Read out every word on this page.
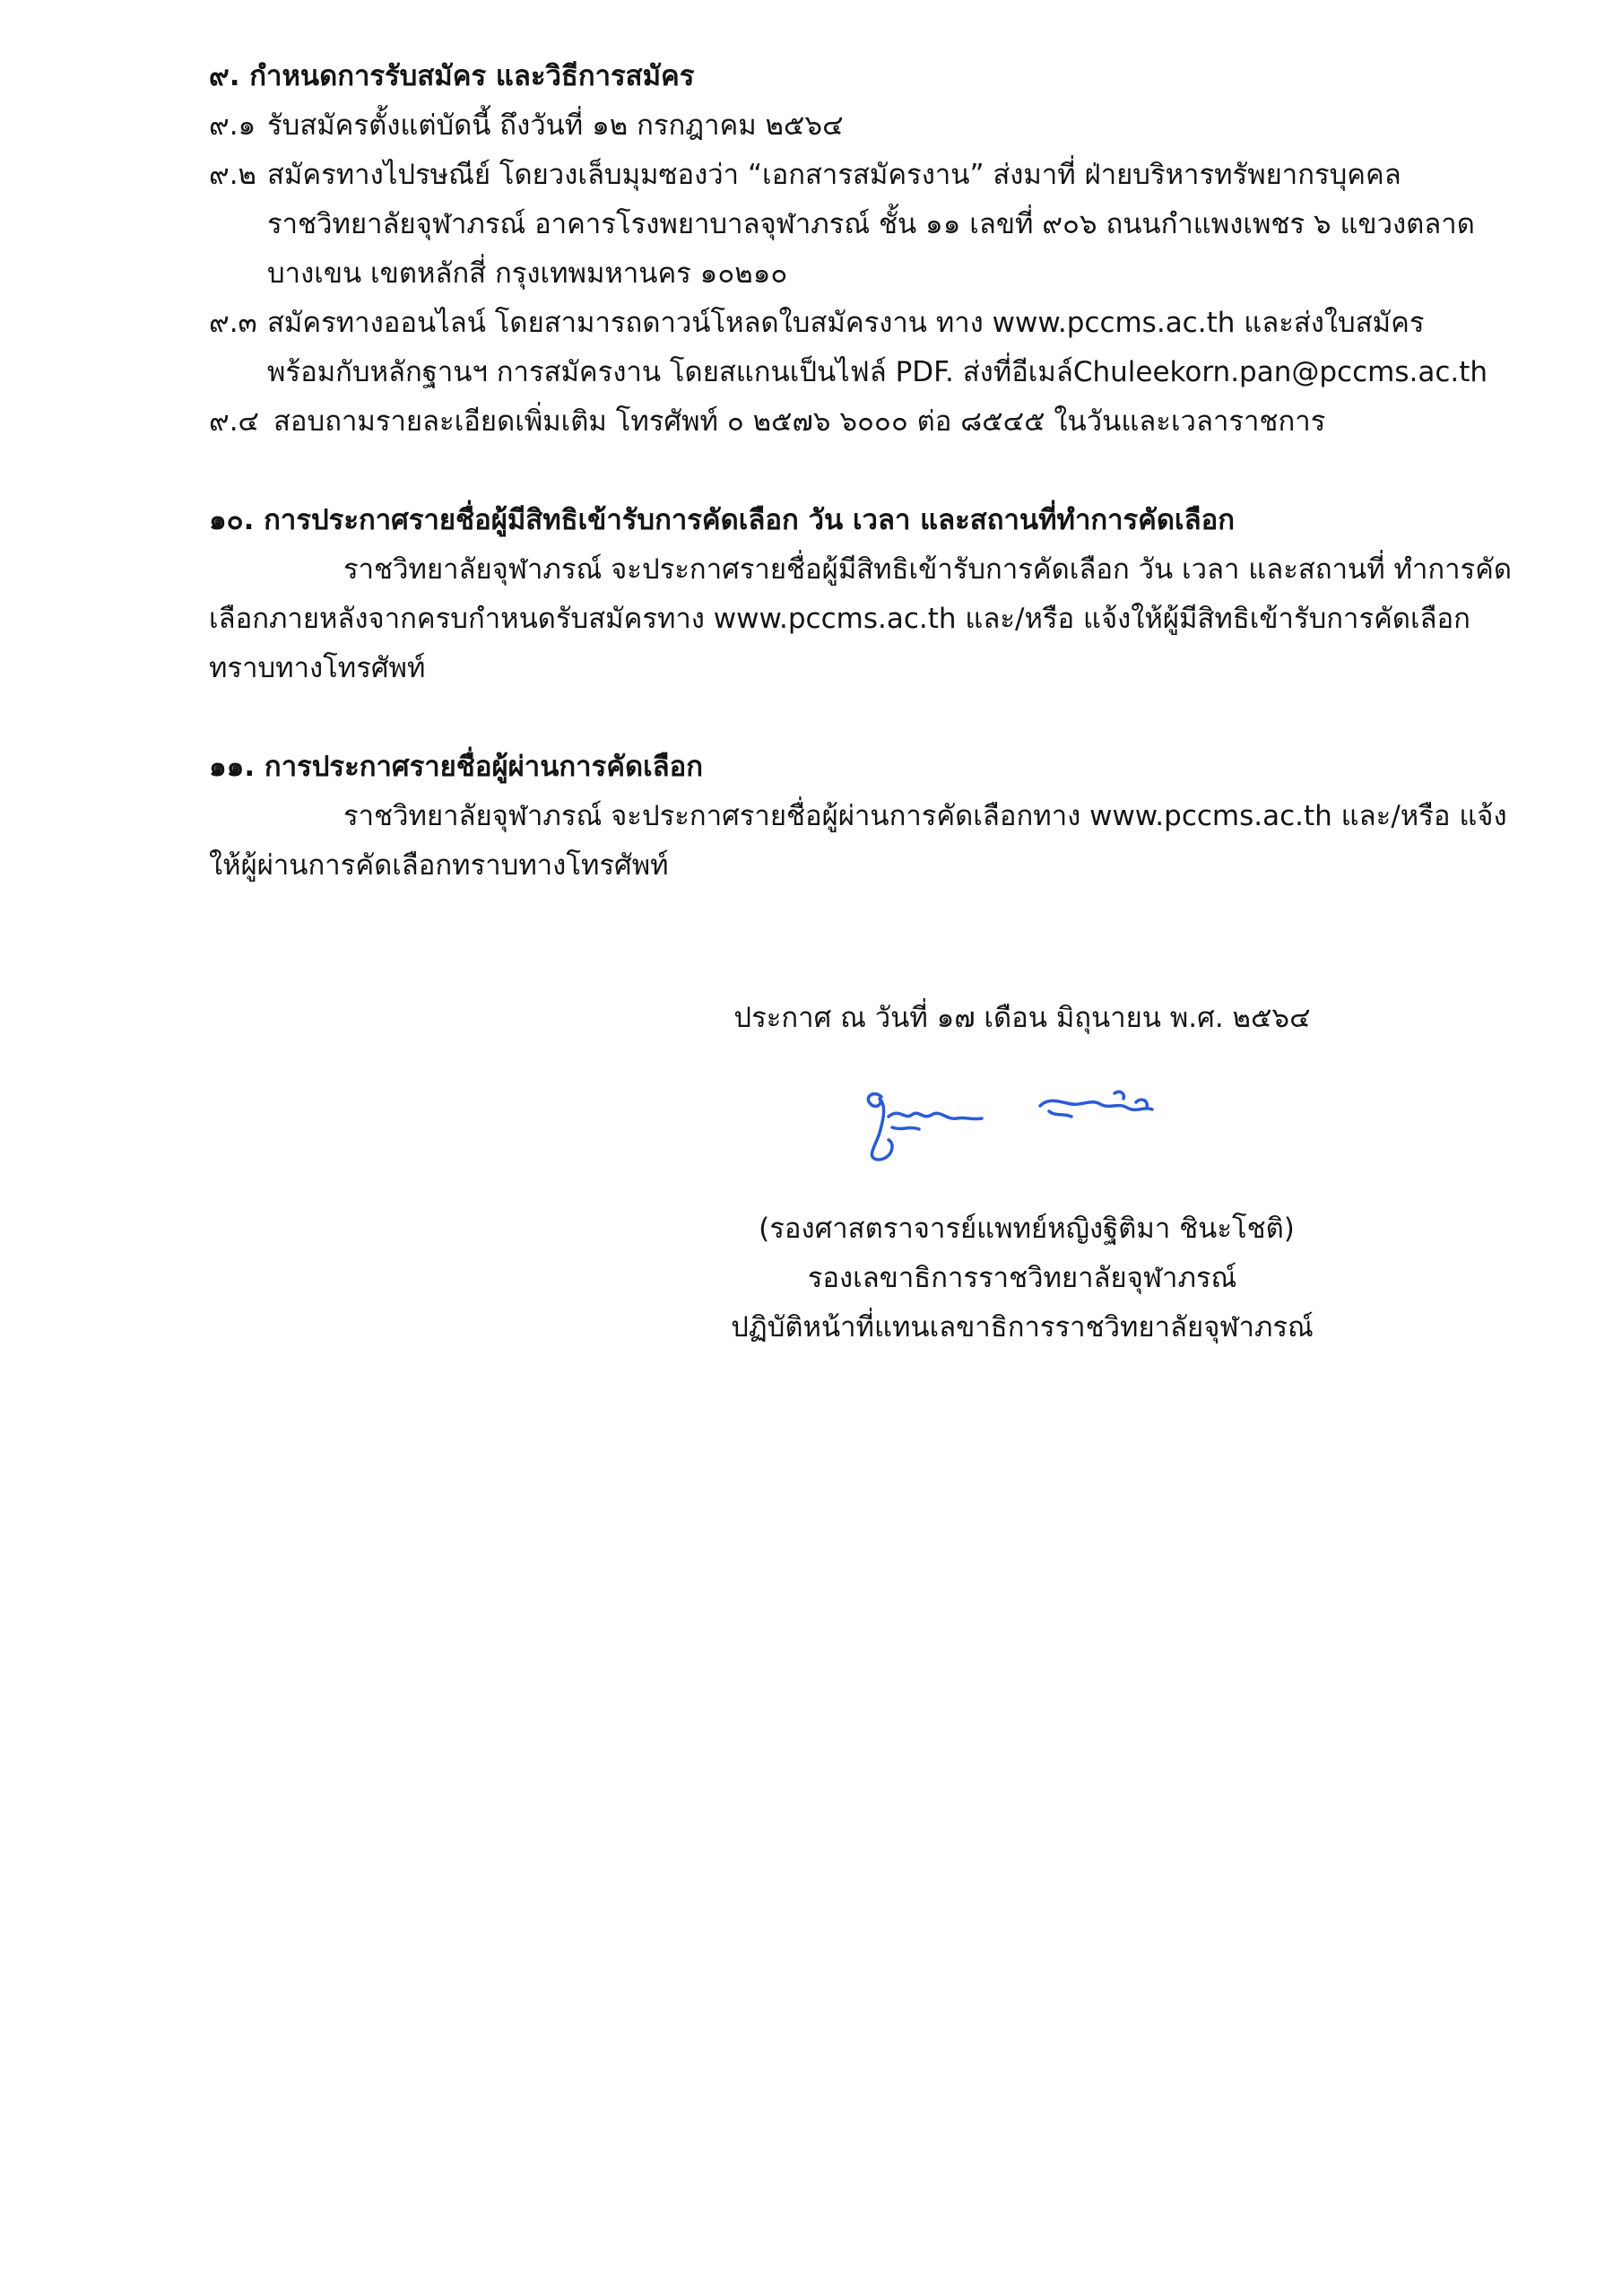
๙. กำหนดการรับสมัคร และวิธีการสมัคร
๙.๑ รับสมัครตั้งแต่บัดนี้ ถึงวันที่ ๑๒ กรกฎาคม ๒๕๖๔
๙.๒ สมัครทางไปรษณีย์ โดยวงเล็บมุมซองว่า “เอกสารสมัครงาน” ส่งมาที่ ฝ่ายบริหารทรัพยากรบุคคล
ราชวิทยาลัยจุฬาภรณ์ อาคารโรงพยาบาลจุฬาภรณ์ ชั้น ๑๑ เลขที่ ๙๐๖ ถนนกำแพงเพชร ๖ แขวงตลาด
บางเขน เขตหลักสี่ กรุงเทพมหานคร ๑๐๒๑๐
๙.๓ สมัครทางออนไลน์ โดยสามารถดาวน์โหลดใบสมัครงาน ทาง www.pccms.ac.th และส่งใบสมัคร
พร้อมกับหลักฐานฯ การสมัครงาน โดยสแกนเป็นไฟล์ PDF. ส่งที่อีเมล์Chuleekorn.pan@pccms.ac.th
๙.๔ สอบถามรายละเอียดเพิ่มเติม โทรศัพท์ ๐ ๒๕๗๖ ๖๐๐๐ ต่อ ๘๕๔๕ ในวันและเวลาราชการ
๑๐. การประกาศรายชื่อผู้มีสิทธิเข้ารับการคัดเลือก วัน เวลา และสถานที่ทำการคัดเลือก
ราชวิทยาลัยจุฬาภรณ์ จะประกาศรายชื่อผู้มีสิทธิเข้ารับการคัดเลือก วัน เวลา และสถานที่ ทำการคัด
เลือกภายหลังจากครบกำหนดรับสมัครทาง www.pccms.ac.th และ/หรือ แจ้งให้ผู้มีสิทธิเข้ารับการคัดเลือก
ทราบทางโทรศัพท์
๑๑. การประกาศรายชื่อผู้ผ่านการคัดเลือก
ราชวิทยาลัยจุฬาภรณ์ จะประกาศรายชื่อผู้ผ่านการคัดเลือกทาง www.pccms.ac.th และ/หรือ แจ้ง
ให้ผู้ผ่านการคัดเลือกทราบทางโทรศัพท์
ประกาศ ณ วันที่ ๑๗ เดือน มิถุนายน พ.ศ. ๒๕๖๔
(รองศาสตราจารย์แพทย์หญิงฐิติมา ชินะโชติ)
รองเลขาธิการราชวิทยาลัยจุฬาภรณ์
ปฏิบัติหน้าที่แทนเลขาธิการราชวิทยาลัยจุฬาภรณ์
